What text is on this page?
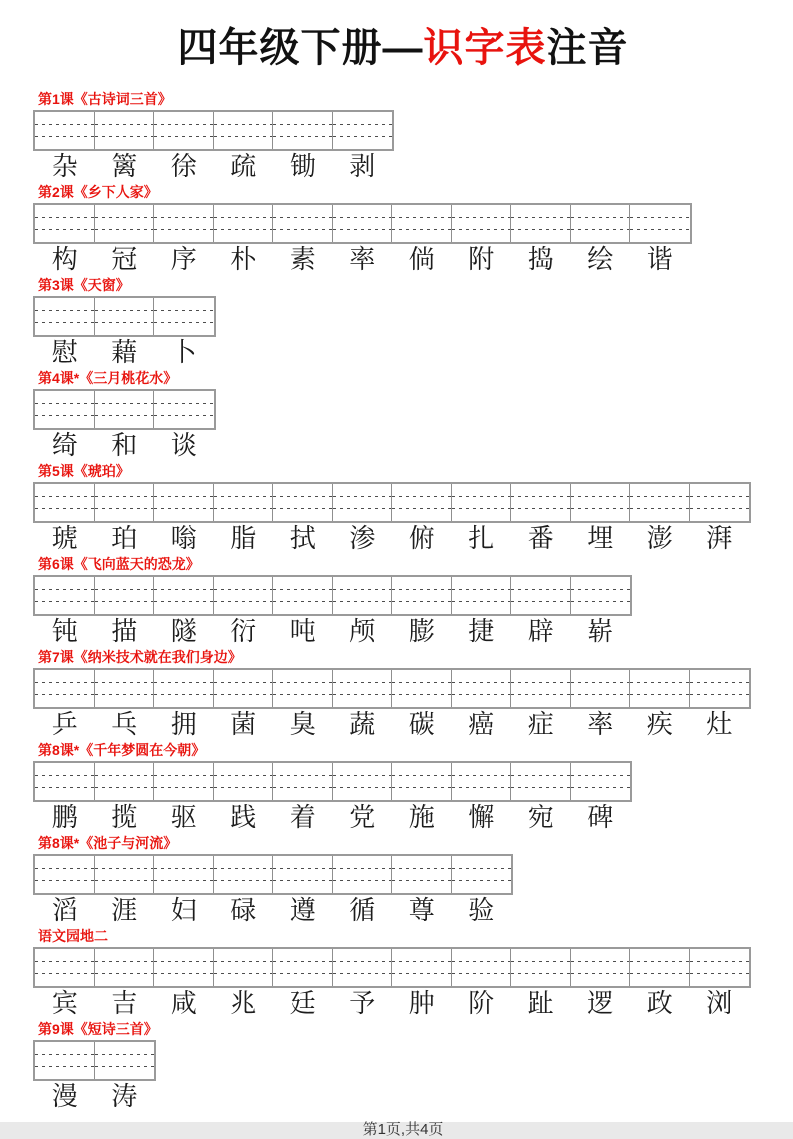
四年级下册—识字表注音
第1课《古诗词三首》
杂	篱	徐	疏	锄	剥
第2课《乡下人家》
构	冠	序	朴	素	率	倘	附	捣	绘	谐
第3课《天窗》
慰	藉	卜
第4课*《三月桃花水》
绮	和	谈
第5课《琥珀》
琥	珀	嗡	脂	拭	渗	俯	扎	番	埋	澎	湃
第6课《飞向蓝天的恐龙》
钝	描	隧	衍	吨	颅	膨	捷	辟	崭
第7课《纳米技术就在我们身边》
乒	乓	拥	菌	臭	蔬	碳	癌	症	率	疾	灶
第8课*《千年梦圆在今朝》
鹏	揽	驱	践	着	党	施	懈	宛	碑
第8课*《池子与河流》
滔	涯	妇	碌	遵	循	尊	验
语文园地二
宾	吉	咸	兆	廷	予	肿	阶	趾	逻	政	浏
第9课《短诗三首》
漫	涛
第1页,共4页
